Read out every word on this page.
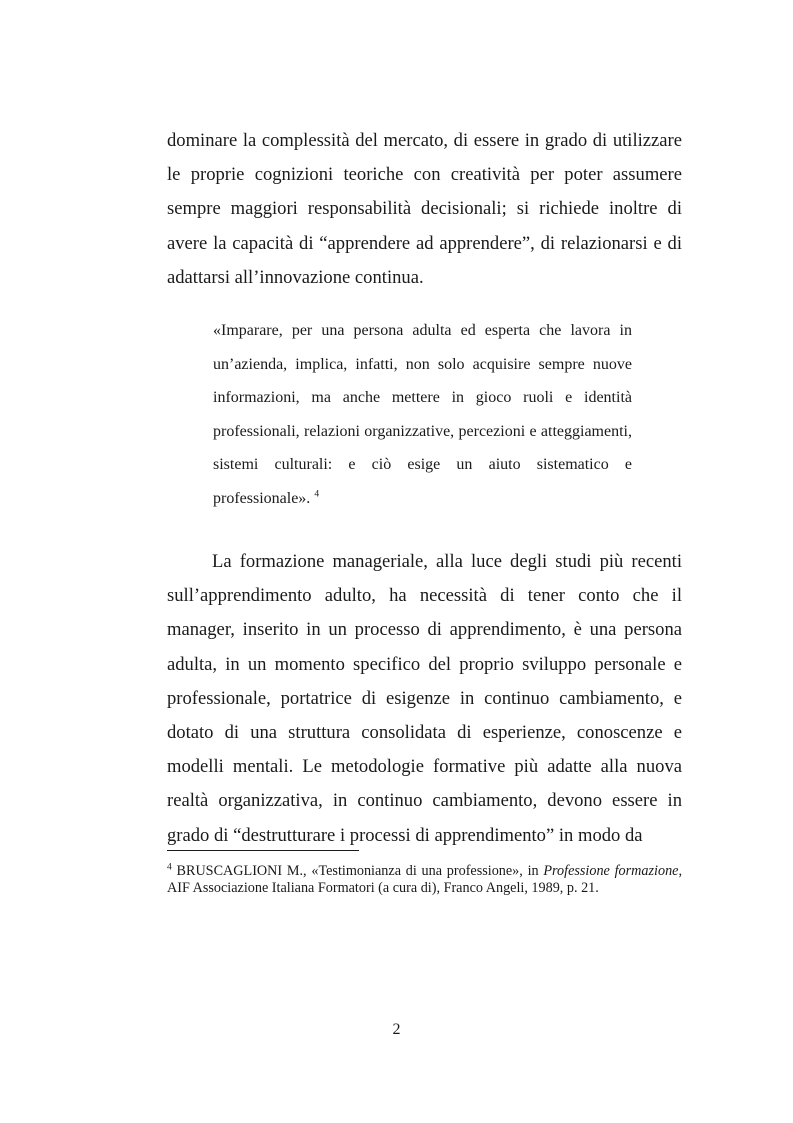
dominare la complessità del mercato, di essere in grado di utilizzare le proprie cognizioni teoriche con creatività per poter assumere sempre maggiori responsabilità decisionali; si richiede inoltre di avere la capacità di “apprendere ad apprendere”, di relazionarsi e di adattarsi all’innovazione continua.

«Imparare, per una persona adulta ed esperta che lavora in un’azienda, implica, infatti, non solo acquisire sempre nuove informazioni, ma anche mettere in gioco ruoli e identità professionali, relazioni organizzative, percezioni e atteggiamenti, sistemi culturali: e ciò esige un aiuto sistematico e professionale». $^4$

La formazione manageriale, alla luce degli studi più recenti sull’apprendimento adulto, ha necessità di tener conto che il manager, inserito in un processo di apprendimento, è una persona adulta, in un momento specifico del proprio sviluppo personale e professionale, portatrice di esigenze in continuo cambiamento, e dotato di una struttura consolidata di esperienze, conoscenze e modelli mentali. Le metodologie formative più adatte alla nuova realtà organizzativa, in continuo cambiamento, devono essere in grado di “destrutturare i processi di apprendimento” in modo da

$^4$ BRUSCAGLIONI M., «Testimonianza di una professione», in Professione formazione, AIF Associazione Italiana Formatori (a cura di), Franco Angeli, 1989, p. 21.

2
